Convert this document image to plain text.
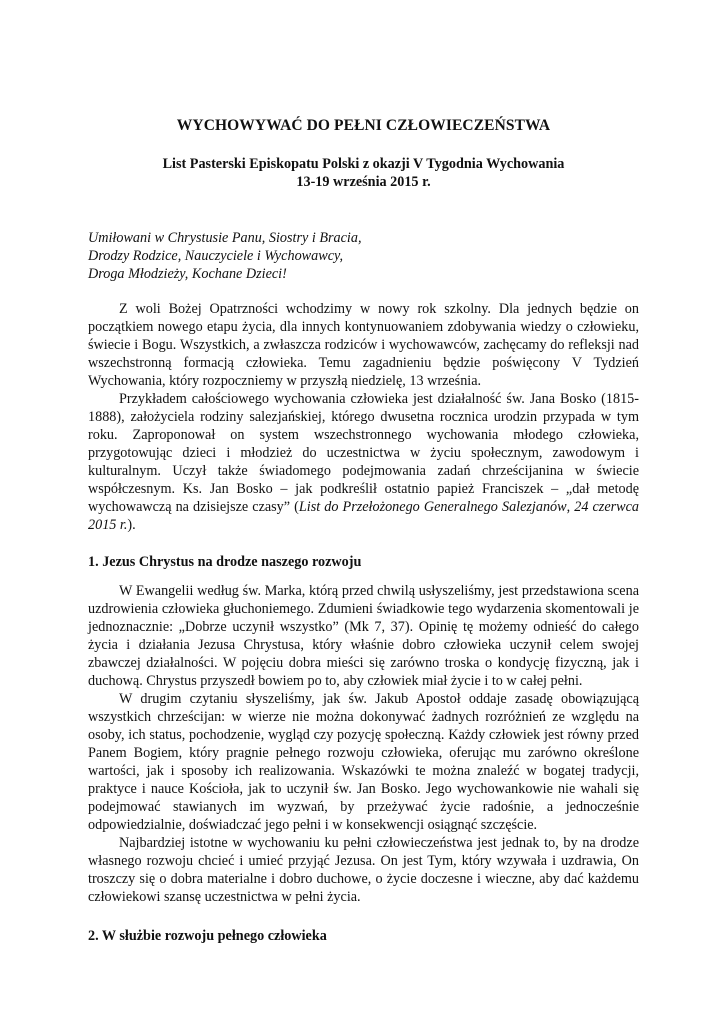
WYCHOWYWAĆ DO PEŁNI CZŁOWIECZEŃSTWA
List Pasterski Episkopatu Polski z okazji V Tygodnia Wychowania
13-19 września 2015 r.
Umiłowani w Chrystusie Panu, Siostry i Bracia,
Drodzy Rodzice, Nauczyciele i Wychowawcy,
Droga Młodzieży, Kochane Dzieci!

Z woli Bożej Opatrzności wchodzimy w nowy rok szkolny. Dla jednych będzie on początkiem nowego etapu życia, dla innych kontynuowaniem zdobywania wiedzy o człowieku, świecie i Bogu. Wszystkich, a zwłaszcza rodziców i wychowawców, zachęcamy do refleksji nad wszechstronną formacją człowieka. Temu zagadnieniu będzie poświęcony V Tydzień Wychowania, który rozpoczniemy w przyszłą niedzielę, 13 września.

Przykładem całościowego wychowania człowieka jest działalność św. Jana Bosko (1815-1888), założyciela rodziny salezjańskiej, którego dwusetna rocznica urodzin przypada w tym roku. Zaproponował on system wszechstronnego wychowania młodego człowieka, przygotowując dzieci i młodzież do uczestnictwa w życiu społecznym, zawodowym i kulturalnym. Uczył także świadomego podejmowania zadań chrześcijanina w świecie współczesnym. Ks. Jan Bosko – jak podkreślił ostatnio papież Franciszek – „dał metodę wychowawczą na dzisiejsze czasy” (List do Przełożonego Generalnego Salezjanów, 24 czerwca 2015 r.).

1. Jezus Chrystus na drodze naszego rozwoju

W Ewangelii według św. Marka, którą przed chwilą usłyszeliśmy, jest przedstawiona scena uzdrowienia człowieka głuchoniemego. Zdumieni świadkowie tego wydarzenia skomentowali je jednoznacznie: „Dobrze uczynił wszystko” (Mk 7, 37). Opinię tę możemy odnieść do całego życia i działania Jezusa Chrystusa, który właśnie dobro człowieka uczynił celem swojej zbawczej działalności. W pojęciu dobra mieści się zarówno troska o kondycję fizyczną, jak i duchową. Chrystus przyszedł bowiem po to, aby człowiek miał życie i to w całej pełni.

W drugim czytaniu słyszeliśmy, jak św. Jakub Apostoł oddaje zasadę obowiązującą wszystkich chrześcijan: w wierze nie można dokonywać żadnych rozróżnień ze względu na osoby, ich status, pochodzenie, wygląd czy pozycję społeczną. Każdy człowiek jest równy przed Panem Bogiem, który pragnie pełnego rozwoju człowieka, oferując mu zarówno określone wartości, jak i sposoby ich realizowania. Wskazówki te można znaleźć w bogatej tradycji, praktyce i nauce Kościoła, jak to uczynił św. Jan Bosko. Jego wychowankowie nie wahali się podejmować stawianych im wyzwań, by przeżywać życie radośnie, a jednocześnie odpowiedzialnie, doświadczać jego pełni i w konsekwencji osiągnąć szczęście.

Najbardziej istotne w wychowaniu ku pełni człowieczeństwa jest jednak to, by na drodze własnego rozwoju chcieć i umieć przyjąć Jezusa. On jest Tym, który wzywała i uzdrawia, On troszczy się o dobra materialne i dobro duchowe, o życie doczesne i wieczne, aby dać każdemu człowiekowi szansę uczestnictwa w pełni życia.

2. W służbie rozwoju pełnego człowieka
